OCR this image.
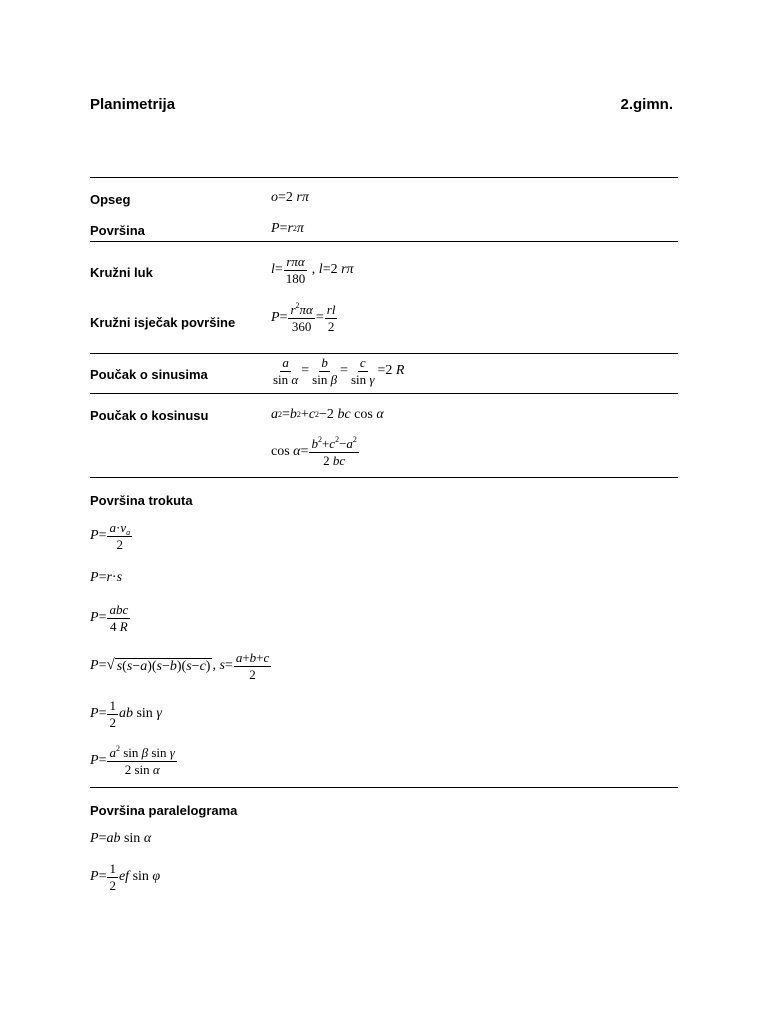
Planimetrija	2.gimn.
Opseg	o =2 rπ
Površina	P = r 2 π
Kružni luk	$l = \frac{\text{rπα}}{180}$ , l =2 rπ
Kružni isječak površine	$P = \frac{r^2\pi\alpha}{360} = \frac{rl}{2}$
Poučak o sinusima	$\frac{a}{\text{sin α}} = \frac{b}{\text{sin β}} = \frac{c}{\text{sin γ}} =2$ R
Poučak o kosinusu	a 2 = b 2 + c 2 −2 bc
cos
α
cos
$\alpha = \frac{b^2+c^2-a^2}{2 bc}$
Površina trokuta
$P = \frac{a\cdot v_a}{2}$
P = r · s
$P = \frac{\text{abc}}{4 R}$
P = √ s(s−a)(s−b)(s−c) , $s = \frac{a+b+c}{2}$
$P = \frac{1}{2}$ ab
sin
γ
$P = \frac{a^2 \sin \beta \sin \gamma}{\text{2 sin α}}$
Površina paralelograma
P = ab
sin
α
$P = \frac{1}{2}$ ef
sin
φ
